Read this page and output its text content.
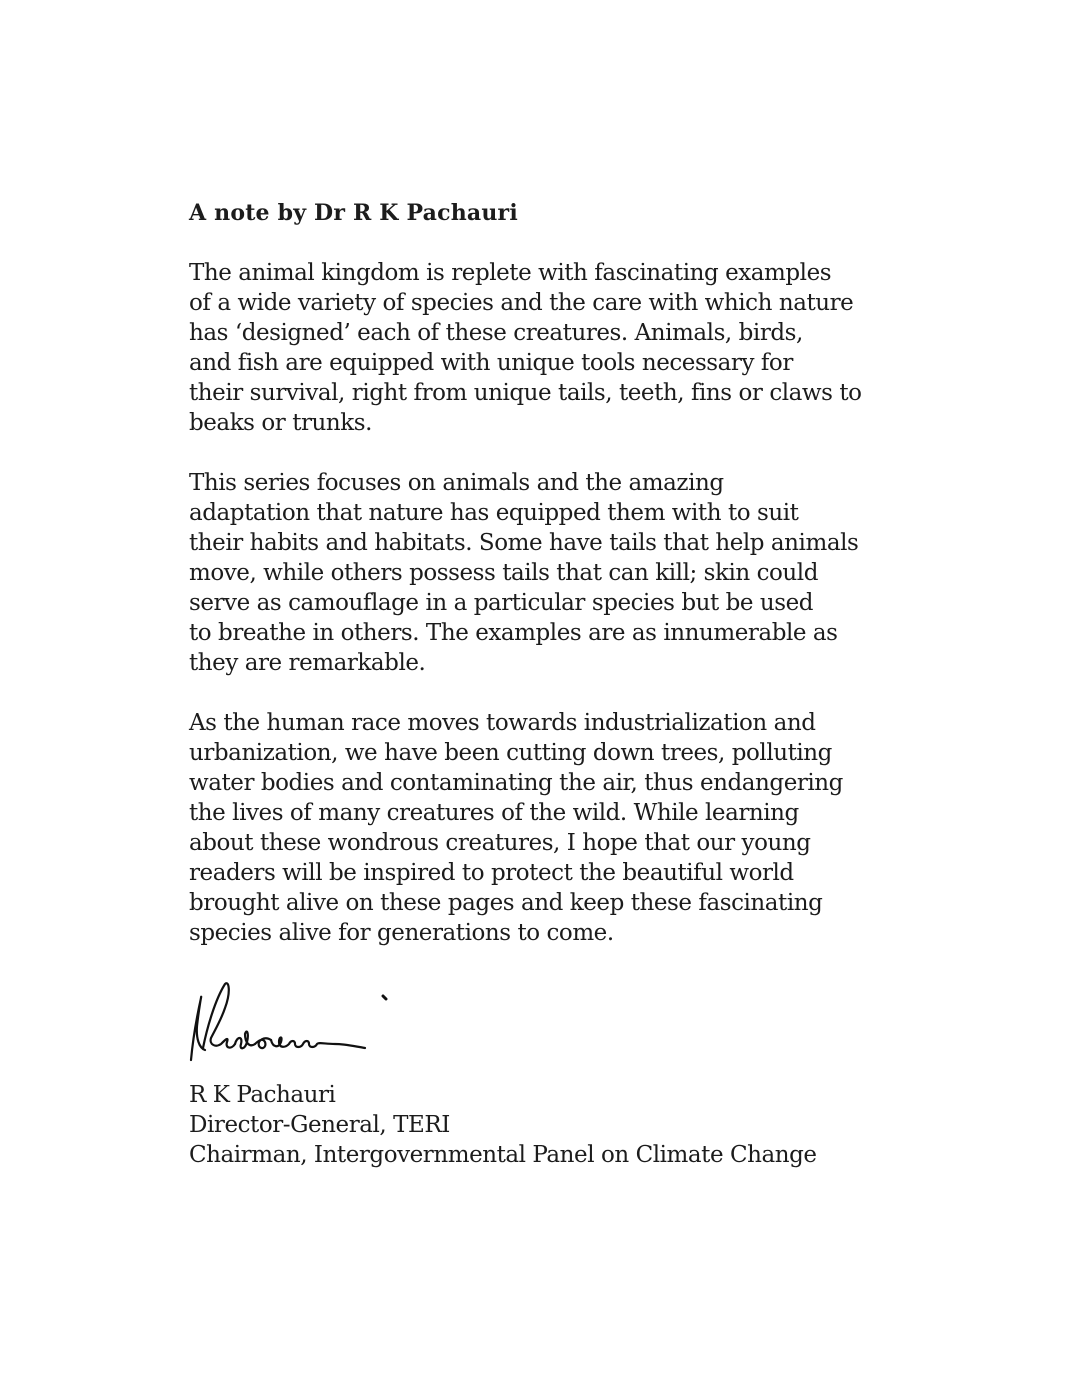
A note by Dr R K Pachauri

The animal kingdom is replete with fascinating examples
of a wide variety of species and the care with which nature
has ‘designed’ each of these creatures. Animals, birds,
and fish are equipped with unique tools necessary for
their survival, right from unique tails, teeth, fins or claws to
beaks or trunks.

This series focuses on animals and the amazing
adaptation that nature has equipped them with to suit
their habits and habitats. Some have tails that help animals
move, while others possess tails that can kill; skin could
serve as camouflage in a particular species but be used
to breathe in others. The examples are as innumerable as
they are remarkable.

As the human race moves towards industrialization and
urbanization, we have been cutting down trees, polluting
water bodies and contaminating the air, thus endangering
the lives of many creatures of the wild. While learning
about these wondrous creatures, I hope that our young
readers will be inspired to protect the beautiful world
brought alive on these pages and keep these fascinating
species alive for generations to come.

R K Pachauri
Director-General, TERI
Chairman, Intergovernmental Panel on Climate Change
